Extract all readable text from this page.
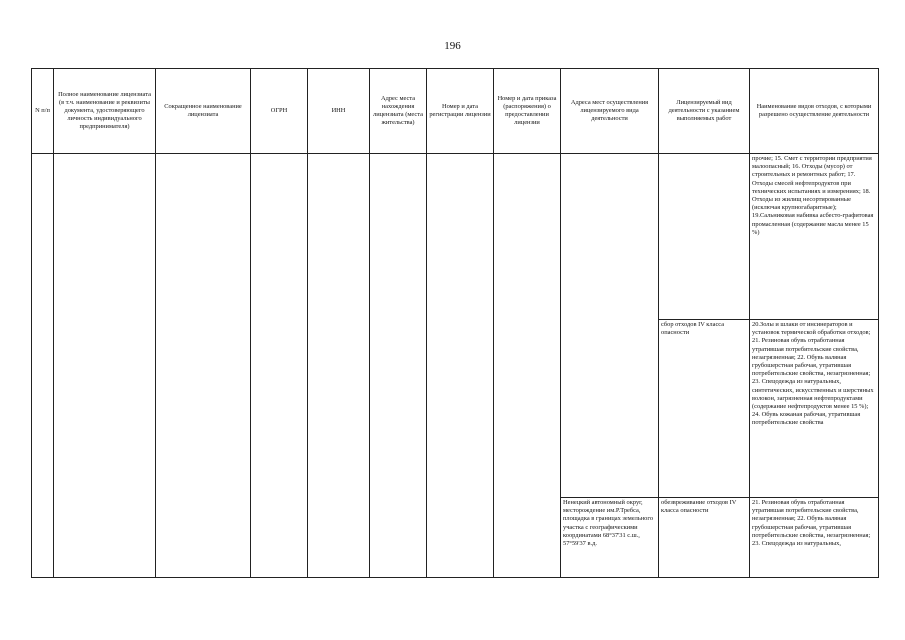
196
N п/п	Полное наименование лицензиата (в т.ч. наименование и реквизиты документа, удостоверяющего личность индивидуального предпринимателя)	Сокращенное наименование лицензиата	ОГРН	ИНН	Адрес места нахождения лицензиата (места жительства)	Номер и дата регистрации лицензии	Номер и дата приказа (распоряжения) о предоставлении лицензии	Адреса мест осуществления лицензируемого вида деятельности	Лицензируемый вид деятельности с указанием выполняемых работ	Наименование видов отходов, с которыми разрешено осуществление деятельности

										прочие; 15. Смет с территории предприятия малоопасный; 16. Отходы (мусор) от строительных и ремонтных работ; 17. Отходы смесей нефтепродуктов при технических испытаниях и измерениях; 18. Отходы из жилищ несортированные (исключая крупногабаритные); 19.Сальниковая набивка асбесто-графитовая промасленная (содержание масла менее 15 %)

									сбор отходов IV класса опасности	20.Золы и шлаки от инсинераторов и установок термической обработки отходов; 21. Резиновая обувь отработанная утратившая потребительские свойства, незагрязненная; 22. Обувь валяная грубошерстная рабочая, утратившая потребительские свойства, незагрязненная; 23. Спецодежда из натуральных, синтетических, искусственных и шерстяных волокон, загрязненная нефтепродуктами (содержание нефтепродуктов менее 15 %); 24. Обувь кожаная рабочая, утратившая потребительские свойства

								Ненецкий автономный округ, месторождение им.Р.Требса, площадка в границах земельного участка с географическими координатами 68°37'31 с.ш., 57°59'37 в.д.	обезвреживание отходов IV класса опасности	21. Резиновая обувь отработанная утратившая потребительские свойства, незагрязненная; 22. Обувь валяная грубошерстная рабочая, утратившая потребительские свойства, незагрязненная; 23. Спецодежда из натуральных,
